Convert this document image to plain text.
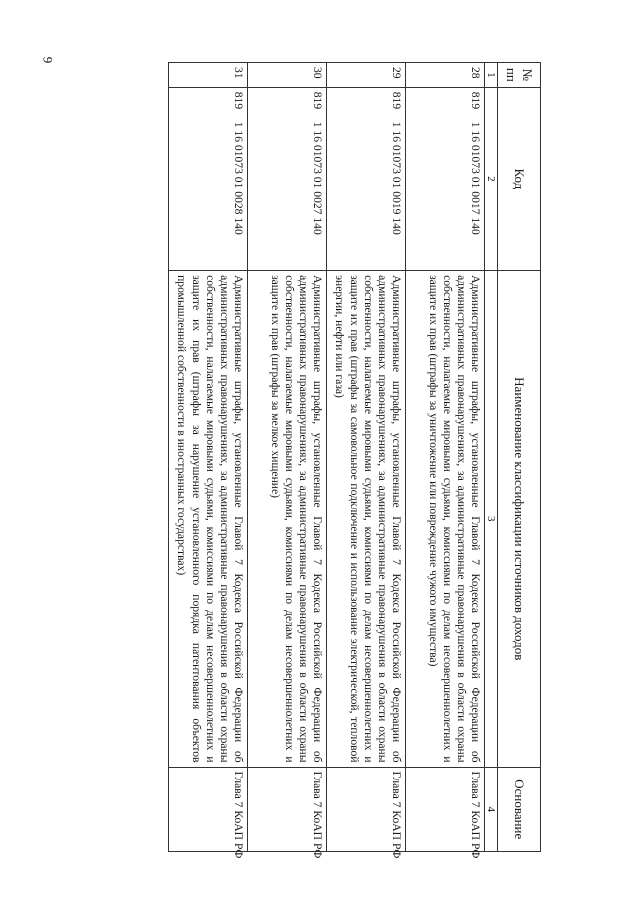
9
№ пп	Код	Наименование классификации источников доходов	Основание
1	2	3	4
28	8191 16 01073 01 0017 140	Административные штрафы, установленные Главой 7 Кодекса Российской Федерации об административных правонарушениях, за административные правонарушения в области охраны собственности, налагаемые мировыми судьями, комиссиями по делам несовершеннолетних и защите их прав (штрафы за уничтожение или повреждение чужого имущества)	Глава 7 КоАП РФ
29	8191 16 01073 01 0019 140	Административные штрафы, установленные Главой 7 Кодекса Российской Федерации об административных правонарушениях, за административные правонарушения в области охраны собственности, налагаемые мировыми судьями, комиссиями по делам несовершеннолетних и защите их прав (штрафы за самовольное подключение и использование электрической, тепловой энергии, нефти или газа)	Глава 7 КоАП РФ
30	8191 16 01073 01 0027 140	Административные штрафы, установленные Главой 7 Кодекса Российской Федерации об административных правонарушениях, за административные правонарушения в области охраны собственности, налагаемые мировыми судьями, комиссиями по делам несовершеннолетних и защите их прав (штрафы за мелкое хищение)	Глава 7 КоАП РФ
31	8191 16 01073 01 0028 140	Административные штрафы, установленные Главой 7 Кодекса Российской Федерации об административных правонарушениях, за административные правонарушения в области охраны собственности, налагаемые мировыми судьями, комиссиями по делам несовершеннолетних и защите их прав (штрафы за нарушение установленного порядка патентования объектов промышленной собственности в иностранных государствах)	Глава 7 КоАП РФ
